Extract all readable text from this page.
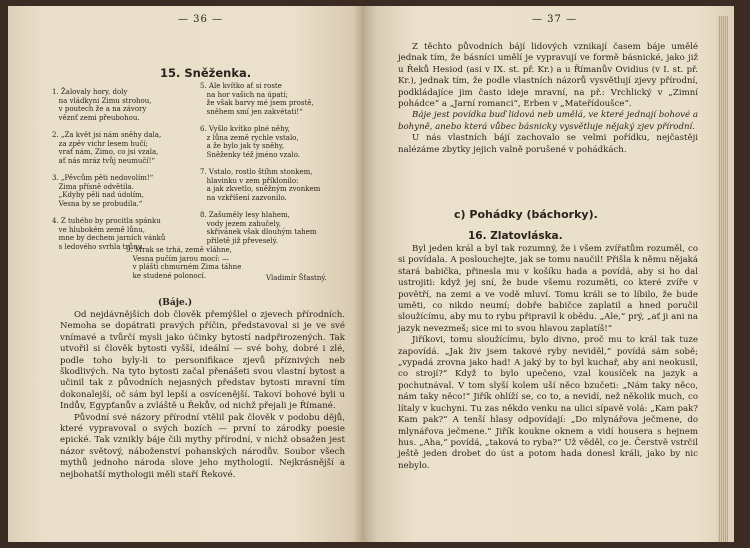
— 36 —
15. Sněženka.
1. Žalovaly hory, doly
na vládkyni Zimu strohou,
v poutech že a na závory
věznť zemi přeubohou.

2. „Za květ jsi nám sněhy dala,
za zpěv vichr lesem hučí;
vrať nám, Zimo, co jsi vzala,
ať nás mráz tvůj neumučí!“

3. „Pěvcům pěti nedovolím!“
Zima přísně odvětila.
„Kdyby pěli nad údolím,
Vesna by se probudila.“

4. Z tuhého by procitla spánku
ve hlubokém země lůnu,
mne by dechem jarních vánků
s ledového svrhla trůnu.
5. Ale kvítko ať si roste
na hor vašich na úpatí;
že však barvy mé jsem prostě,
sněhem smí jen zakvétati!“

6. Vyšlo kvítko plné něhy,
z lůna země rychle vstalo,
a že bylo jak ty sněhy,
Sněženky též jméno vzalo.

7. Vstalo, rostlo štíhm stonkem,
hlavinku v zem příklonilo:
a jak zkvetlo, sněžným zvonkem
na vzkříšení zazvonilo.

8. Zašuměly lesy hlahem,
vody jezem zahučely,
skřivánek však dlouhým tahem
přiletě již převeselý.
9. Mrak se trhá, země vláhne,
Vesna pučím jarou mocí: —
v plášti chmurném Zima táhne
ke studené polonocí.	Vladimír Šťastný.
(Báje.)

Od nejdávnějších dob člověk přemýšlel o zjevech přírodních. Nemoha se dopátrati pravých příčin, představoval si je ve své vnímavé a tvůrčí mysli jako účinky bytostí nadpřirozených. Tak utvořil si člověk bytosti vyšší, ideální — své bohy, dobré i zlé, podle toho byly-li to personifikace zjevů příznivých neb škodlivých. Na tyto bytosti začal přenášeti svou vlastní bytost a učinil tak z původních nejasných představ bytosti mravní tím dokonalejší, oč sám byl lepší a osvícenější. Takoví bohové byli u Indův, Egypťanův a zvláště u Řekův, od nichž přejali je Římané.

Původní své názory přírodní vtělil pak člověk v podobu dějů, které vypravoval o svých bozích — první to zárodky poesie epické. Tak vznikly báje čili mythy přírodní, v nichž obsažen jest názor světový, náboženství pohanských národův. Soubor všech mythů jednoho národa slove jeho mythologií. Nejkrásnější a nejbohatší mythologii měli staří Řekové.

— 37 —

Z těchto původních bájí lidových vznikají časem báje umělé jednak tím, že básníci umělí je vypravují ve formě básnické, jako již u Řeků Hesiod (asi v IX. st. př. Kr.) a u Římanův Ovidius (v I. st. př. Kr.), jednak tím, že podle vlastních názorů vysvětlují zjevy přírodní, podkládajíce jim často ideje mravní, na př.: Vrchlický v „Zimní pohádce“ a „Jarní romanci“, Erben v „Mateřídoušce“.

Báje jest povídka buď lidová neb umělá, ve které jednají bohové a bohyně, anebo která vůbec básnicky vysvětluje nějaký zjev přírodní.

U nás vlastních bájí zachovalo se velmi pořídku, nejčastěji nalézáme zbytky jejich valně porušené v pohádkách.

c) Pohádky (báchorky).
16. Zlatovláska.

Byl jeden král a byl tak rozumný, že i všem zvířatům rozuměl, co si povídala. A poslouchejte, jak se tomu naučil! Přišla k němu nějaká stará babička, přinesla mu v košíku hada a povídá, aby si ho dal ustrojiti: když jej sní, že bude všemu rozuměti, co které zvíře v povětří, na zemi a ve vodě mluví. Tomu králi se to líbilo, že bude uměti, co nikdo neumí; dobře babičce zaplatil a hned poručil sloužícímu, aby mu to rybu připravil k obědu. „Ale,“ prý, „ať ji ani na jazyk nevezmeš; sice mi to svou hlavou zaplatíš!“

Jiříkovi, tomu sloužícímu, bylo divno, proč mu to král tak tuze zapovídá. „Jak živ jsem takové ryby neviděl,“ povídá sám sobě; „vypadá zrovna jako had! A jaký by to byl kuchař, aby ani neokusil, co strojí?“ Když to bylo upečeno, vzal kousíček na jazyk a pochutnával. V tom slyší kolem uší něco bzučeti: „Nám taky něco, nám taky něco!“ Jiřík ohlíží se, co to, a nevidí, než několik much, co lítaly v kuchyni. Tu zas někdo venku na ulici sípavě volá: „Kam pak? Kam pak?“ A tenší hlasy odpovídají: „Do mlynářova ječmene, do mlynářova ječmene.“ Jiřík koukne oknem a vidí housera s hejnem hus. „Aha,“ povídá, „taková to ryba?“ Už věděl, co je. Čerstvě vstrčil ještě jeden drobet do úst a potom hada donesl králi, jako by nic nebylo.
